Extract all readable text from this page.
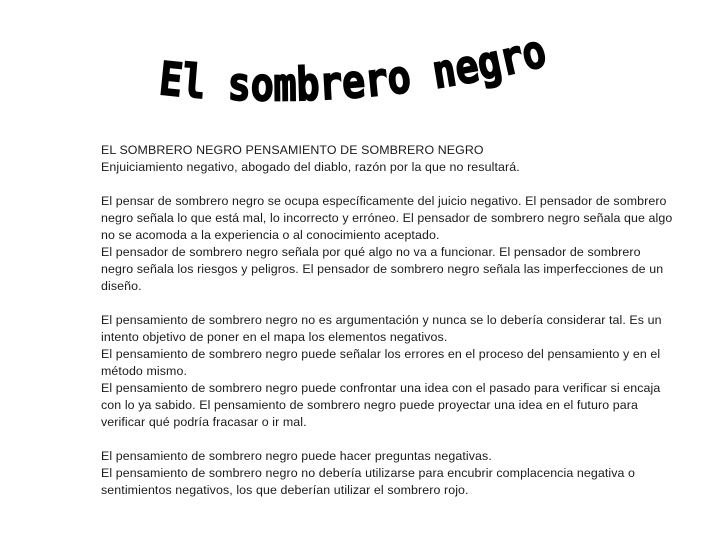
El sombrero negro

EL SOMBRERO NEGRO PENSAMIENTO DE SOMBRERO NEGRO

Enjuiciamiento negativo, abogado del diablo, razón por la que no resultará.

El pensar de sombrero negro se ocupa específicamente del juicio negativo. El pensador de sombrero negro señala lo que está mal, lo incorrecto y erróneo. El pensador de sombrero negro señala que algo no se acomoda a la experiencia o al conocimiento aceptado.

El pensador de sombrero negro señala por qué algo no va a funcionar. El pensador de sombrero negro señala los riesgos y peligros. El pensador de sombrero negro señala las imperfecciones de un diseño.

El pensamiento de sombrero negro no es argumentación y nunca se lo debería considerar tal. Es un intento objetivo de poner en el mapa los elementos negativos.

El pensamiento de sombrero negro puede señalar los errores en el proceso del pensamiento y en el método mismo.

El pensamiento de sombrero negro puede confrontar una idea con el pasado para verificar si encaja con lo ya sabido. El pensamiento de sombrero negro puede proyectar una idea en el futuro para verificar qué podría fracasar o ir mal.

El pensamiento de sombrero negro puede hacer preguntas negativas.

El pensamiento de sombrero negro no debería utilizarse para encubrir complacencia negativa o sentimientos negativos, los que deberían utilizar el sombrero rojo.
